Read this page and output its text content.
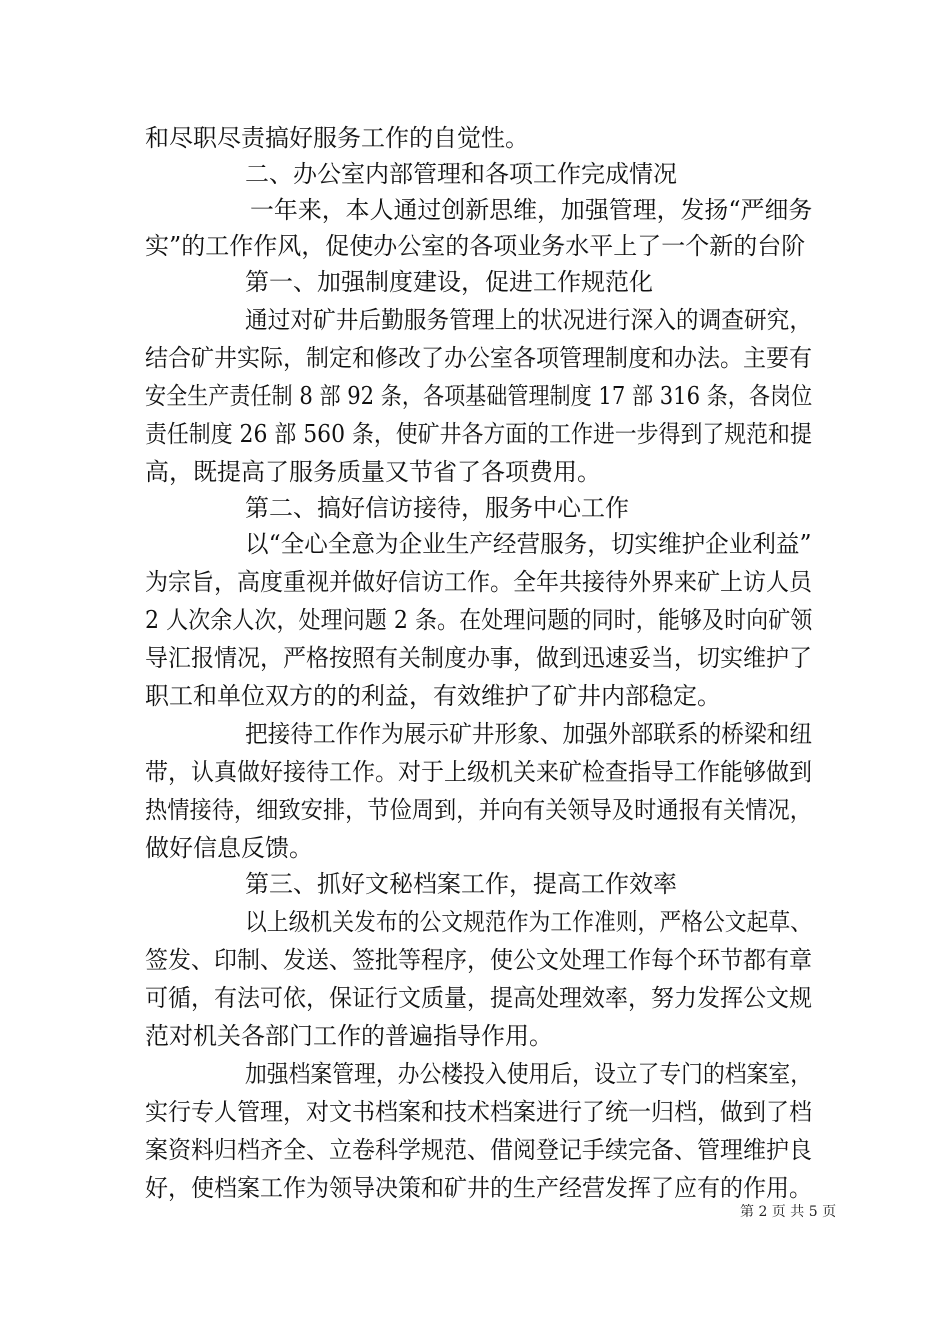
和尽职尽责搞好服务工作的自觉性。

二、办公室内部管理和各项工作完成情况

一年来，本人通过创新思维，加强管理，发扬“严细务

实”的工作作风，促使办公室的各项业务水平上了一个新的台阶

第一、加强制度建设，促进工作规范化

通过对矿井后勤服务管理上的状况进行深入的调查研究，

结合矿井实际，制定和修改了办公室各项管理制度和办法。主要有

安全生产责任制 8 部 92 条，各项基础管理制度 17 部 316 条，各岗位

责任制度 26 部 560 条，使矿井各方面的工作进一步得到了规范和提

高，既提高了服务质量又节省了各项费用。

第二、搞好信访接待，服务中心工作

以“全心全意为企业生产经营服务，切实维护企业利益”

为宗旨，高度重视并做好信访工作。全年共接待外界来矿上访人员

2 人次余人次，处理问题 2 条。在处理问题的同时，能够及时向矿领

导汇报情况，严格按照有关制度办事，做到迅速妥当，切实维护了

职工和单位双方的的利益，有效维护了矿井内部稳定。

把接待工作作为展示矿井形象、加强外部联系的桥梁和纽

带，认真做好接待工作。对于上级机关来矿检查指导工作能够做到

热情接待，细致安排，节俭周到，并向有关领导及时通报有关情况，

做好信息反馈。

第三、抓好文秘档案工作，提高工作效率

以上级机关发布的公文规范作为工作准则，严格公文起草、

签发、印制、发送、签批等程序，使公文处理工作每个环节都有章

可循，有法可依，保证行文质量，提高处理效率，努力发挥公文规

范对机关各部门工作的普遍指导作用。

加强档案管理，办公楼投入使用后，设立了专门的档案室，

实行专人管理，对文书档案和技术档案进行了统一归档，做到了档

案资料归档齐全、立卷科学规范、借阅登记手续完备、管理维护良

好，使档案工作为领导决策和矿井的生产经营发挥了应有的作用。

第 2 页 共 5 页
